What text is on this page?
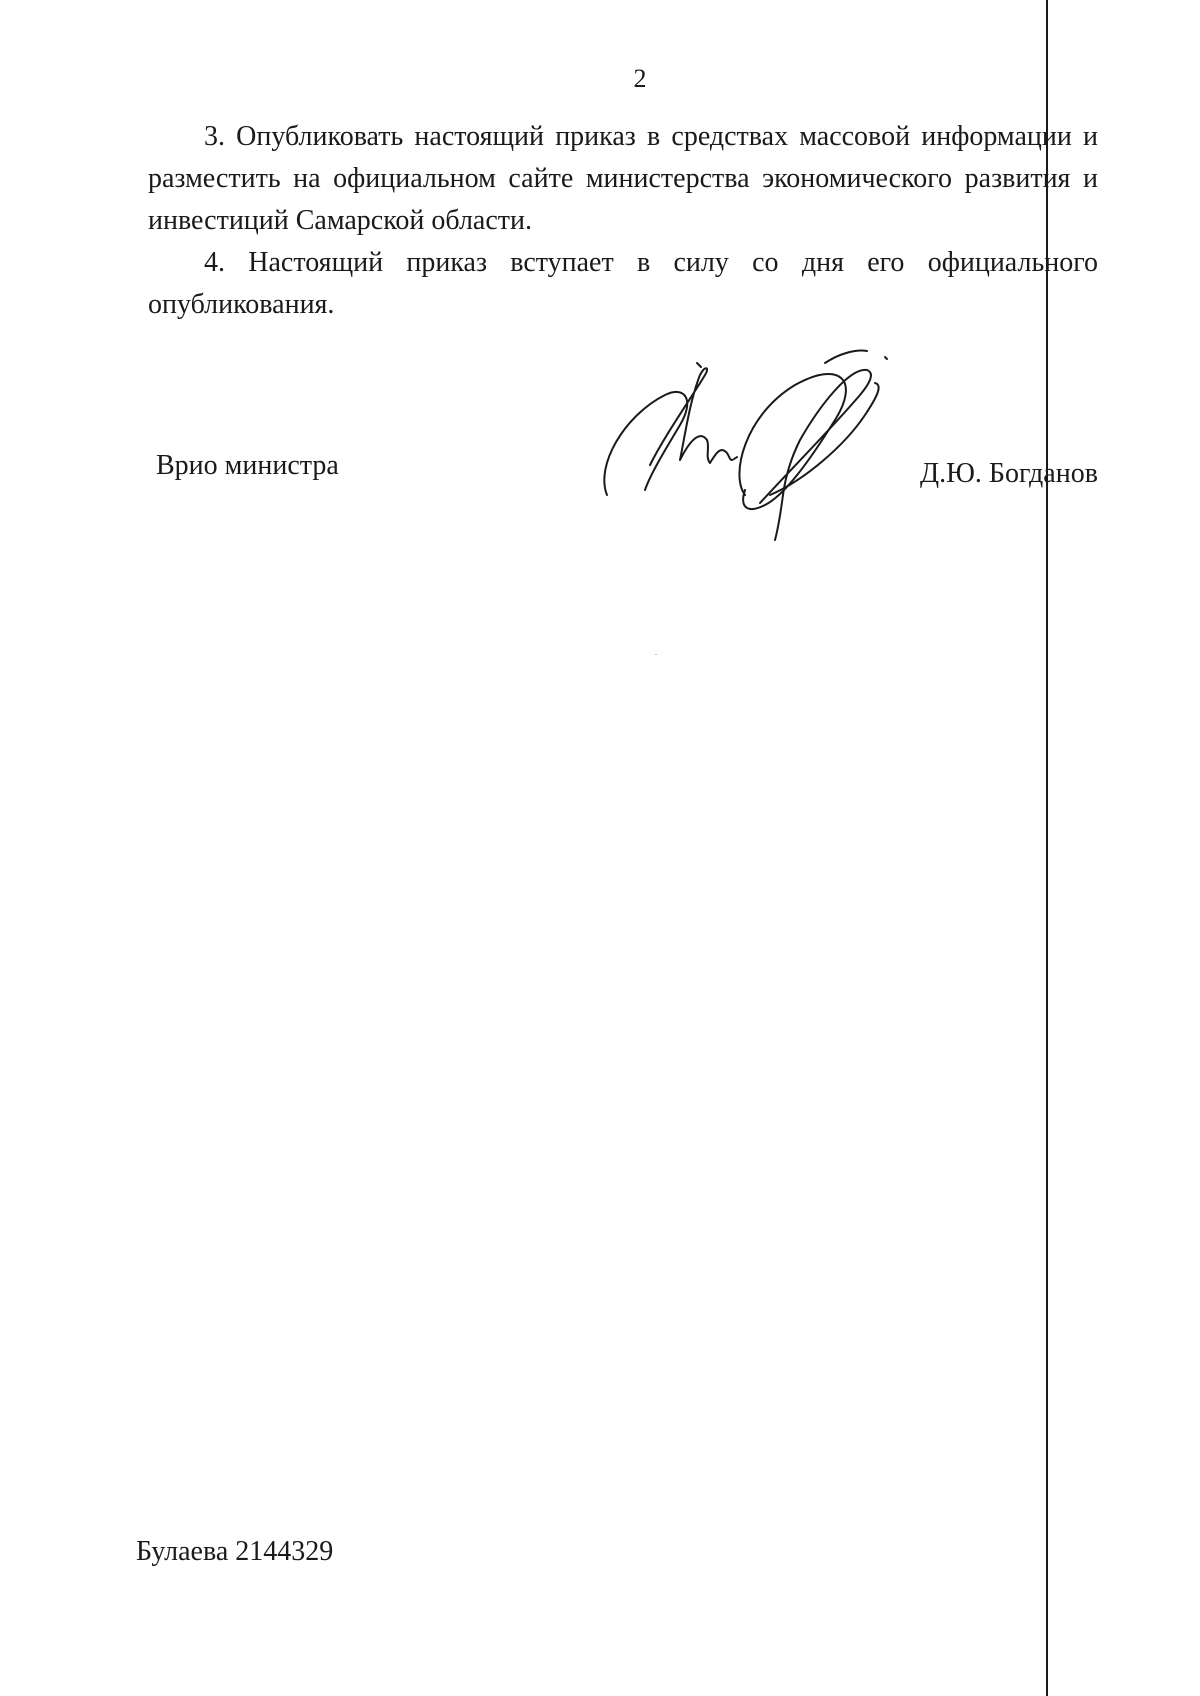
2

3. Опубликовать настоящий приказ в средствах массовой информации и разместить на официальном сайте министерства экономического развития и инвестиций Самарской области.

4. Настоящий приказ вступает в силу со дня его официального опубликования.

Врио министра	Д.Ю. Богданов
Булаева 2144329
